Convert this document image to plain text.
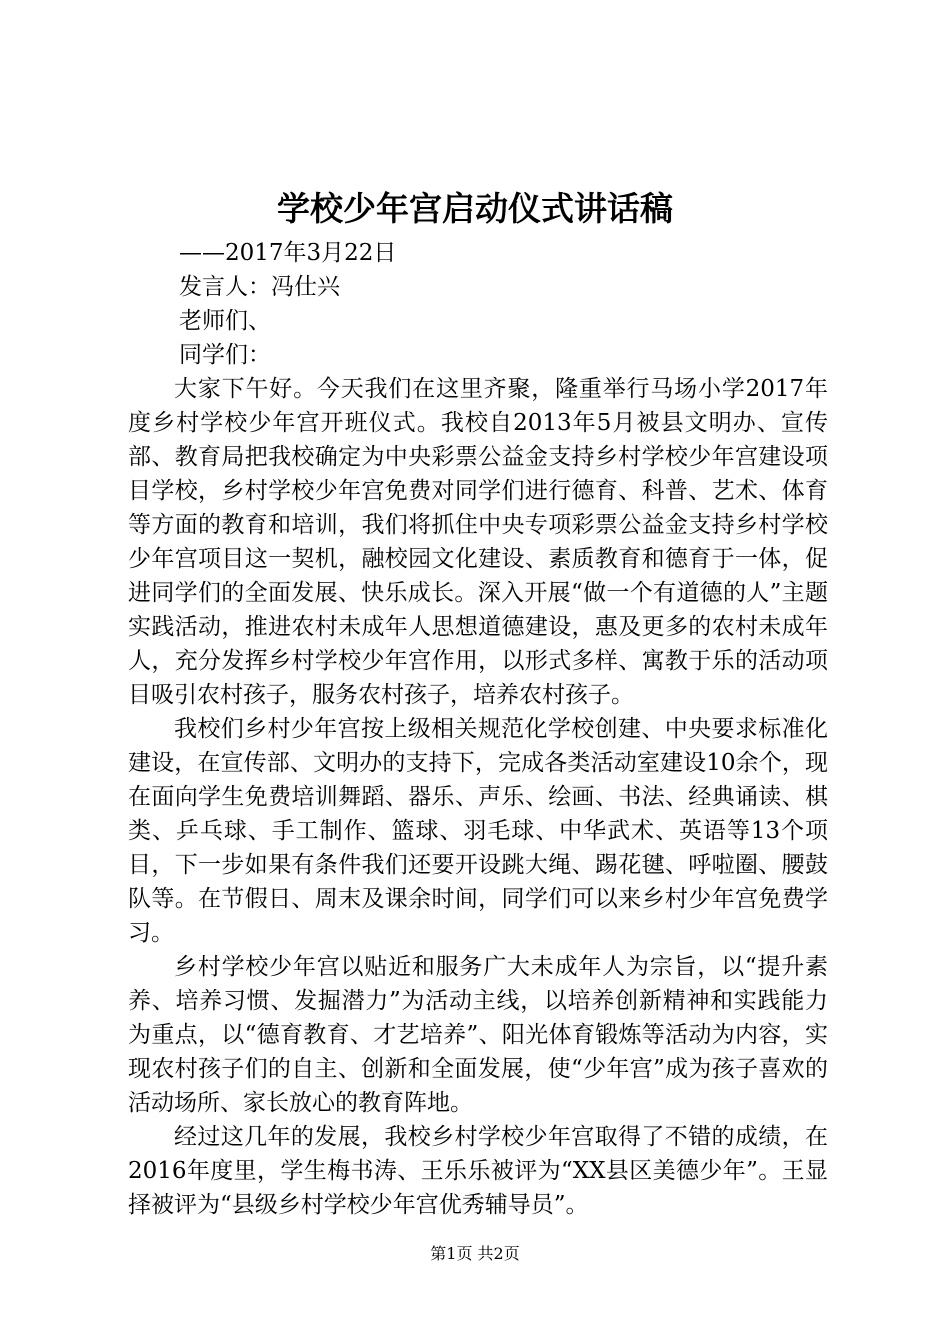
学校少年宫启动仪式讲话稿

——2017年3月22日

发言人：冯仕兴

老师们、

同学们：

大家下午好。今天我们在这里齐聚，隆重举行马场小学2017年度乡村学校少年宫开班仪式。我校自2013年5月被县文明办、宣传部、教育局把我校确定为中央彩票公益金支持乡村学校少年宫建设项目学校，乡村学校少年宫免费对同学们进行德育、科普、艺术、体育等方面的教育和培训，我们将抓住中央专项彩票公益金支持乡村学校少年宫项目这一契机，融校园文化建设、素质教育和德育于一体，促进同学们的全面发展、快乐成长。深入开展“做一个有道德的人”主题实践活动，推进农村未成年人思想道德建设，惠及更多的农村未成年人，充分发挥乡村学校少年宫作用，以形式多样、寓教于乐的活动项目吸引农村孩子，服务农村孩子，培养农村孩子。

我校们乡村少年宫按上级相关规范化学校创建、中央要求标准化建设，在宣传部、文明办的支持下，完成各类活动室建设10余个，现在面向学生免费培训舞蹈、器乐、声乐、绘画、书法、经典诵读、棋类、乒乓球、手工制作、篮球、羽毛球、中华武术、英语等13个项目，下一步如果有条件我们还要开设跳大绳、踢花毽、呼啦圈、腰鼓队等。在节假日、周末及课余时间，同学们可以来乡村少年宫免费学习。

乡村学校少年宫以贴近和服务广大未成年人为宗旨，以“提升素养、培养习惯、发掘潜力”为活动主线，以培养创新精神和实践能力为重点，以“德育教育、才艺培养”、阳光体育锻炼等活动为内容，实现农村孩子们的自主、创新和全面发展，使“少年宫”成为孩子喜欢的活动场所、家长放心的教育阵地。

经过这几年的发展，我校乡村学校少年宫取得了不错的成绩，在2016年度里，学生梅书涛、王乐乐被评为“XX县区美德少年”。王显择被评为“县级乡村学校少年宫优秀辅导员”。

第1页 共2页
